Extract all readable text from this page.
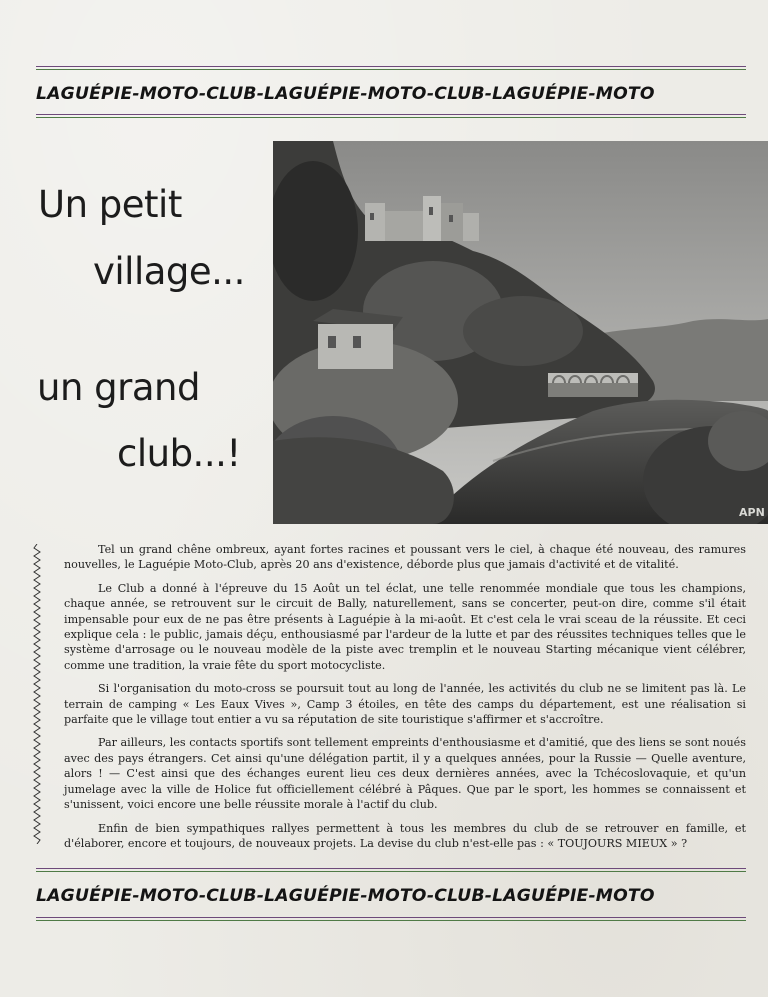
LAGUÉPIE-MOTO-CLUB-LAGUÉPIE-MOTO-CLUB-LAGUÉPIE-MOTO
Un petit
village...
un grand
club...!
APN

Tel un grand chêne ombreux, ayant fortes racines et poussant vers le ciel, à chaque été nouveau, des ramures nouvelles, le Laguépie Moto-Club, après 20 ans d'existence, déborde plus que jamais d'activité et de vitalité.

Le Club a donné à l'épreuve du 15 Août un tel éclat, une telle renommée mondiale que tous les champions, chaque année, se retrouvent sur le circuit de Bally, naturellement, sans se concerter, peut-on dire, comme s'il était impensable pour eux de ne pas être présents à Laguépie à la mi-août. Et c'est cela le vrai sceau de la réussite. Et ceci explique cela : le public, jamais déçu, enthousiasmé par l'ardeur de la lutte et par des réussites techniques telles que le système d'arrosage ou le nouveau modèle de la piste avec tremplin et le nouveau Starting mécanique vient célébrer, comme une tradition, la vraie fête du sport motocycliste.

Si l'organisation du moto-cross se poursuit tout au long de l'année, les activités du club ne se limitent pas là. Le terrain de camping « Les Eaux Vives », Camp 3 étoiles, en tête des camps du département, est une réalisation si parfaite que le village tout entier a vu sa réputation de site touristique s'affirmer et s'accroître.

Par ailleurs, les contacts sportifs sont tellement empreints d'enthousiasme et d'amitié, que des liens se sont noués avec des pays étrangers. Cet ainsi qu'une délégation partit, il y a quelques années, pour la Russie — Quelle aventure, alors ! — C'est ainsi que des échanges eurent lieu ces deux dernières années, avec la Tchécoslovaquie, et qu'un jumelage avec la ville de Holice fut officiellement célébré à Pâques. Que par le sport, les hommes se connaissent et s'unissent, voici encore une belle réussite morale à l'actif du club.

Enfin de bien sympathiques rallyes permettent à tous les membres du club de se retrouver en famille, et d'élaborer, encore et toujours, de nouveaux projets. La devise du club n'est-elle pas : « TOUJOURS MIEUX » ?

LAGUÉPIE-MOTO-CLUB-LAGUÉPIE-MOTO-CLUB-LAGUÉPIE-MOTO
